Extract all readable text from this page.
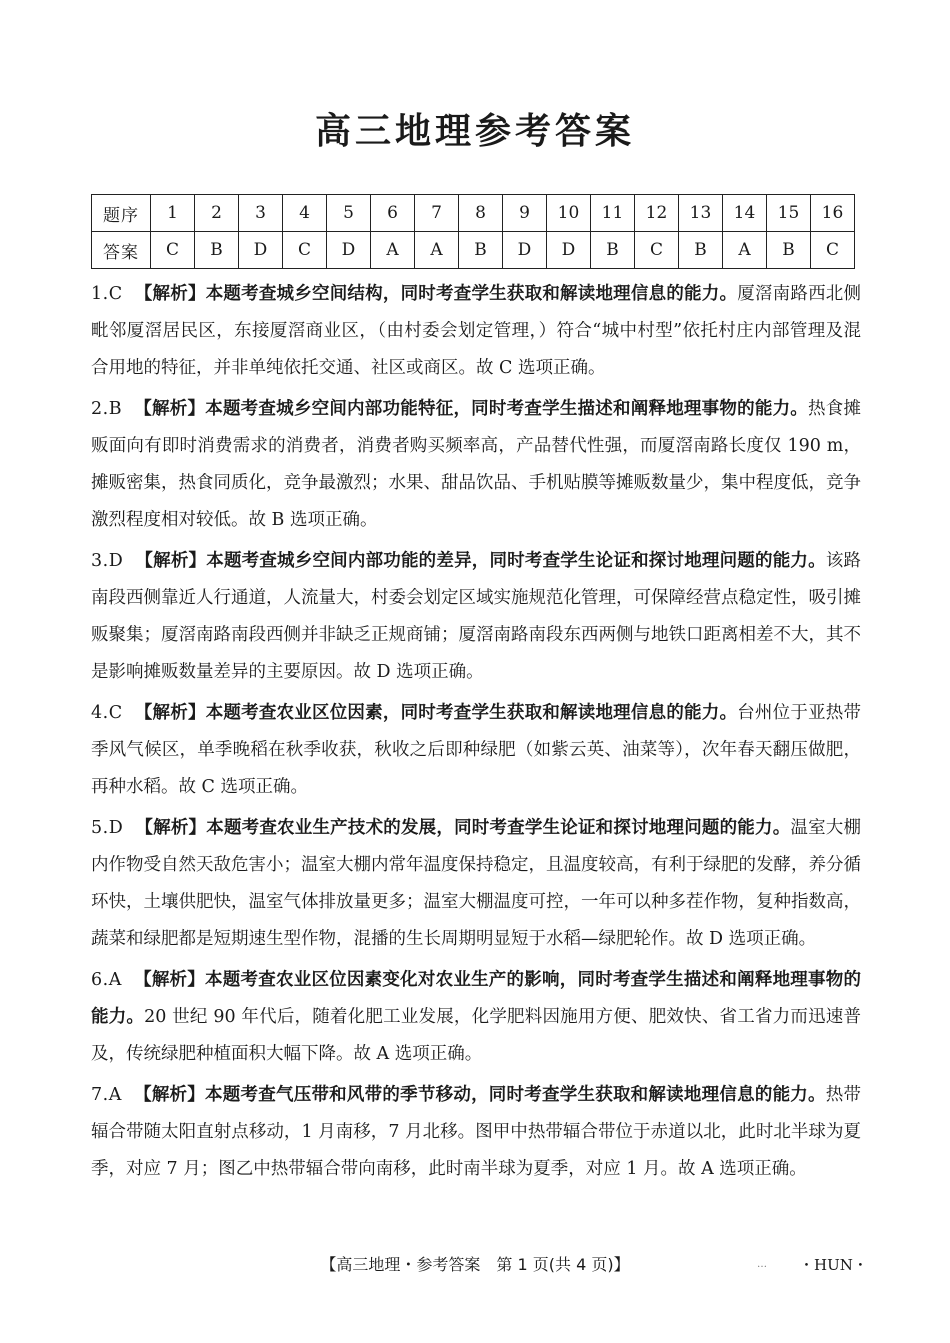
高三地理参考答案
题序	1	2	3	4	5	6	7	8	9	10	11	12	13	14	15	16
答案	C	B	D	C	D	A	A	B	D	D	B	C	B	A	B	C
1.C 【解析】本题考查城乡空间结构，同时考查学生获取和解读地理信息的能力。厦滘南路西北侧毗邻厦滘居民区，东接厦滘商业区，（由村委会划定管理，）符合“城中村型”依托村庄内部管理及混合用地的特征，并非单纯依托交通、社区或商区。故 C 选项正确。
2.B 【解析】本题考查城乡空间内部功能特征，同时考查学生描述和阐释地理事物的能力。热食摊贩面向有即时消费需求的消费者，消费者购买频率高，产品替代性强，而厦滘南路长度仅 190 m，摊贩密集，热食同质化，竞争最激烈；水果、甜品饮品、手机贴膜等摊贩数量少，集中程度低，竞争激烈程度相对较低。故 B 选项正确。
3.D 【解析】本题考查城乡空间内部功能的差异，同时考查学生论证和探讨地理问题的能力。该路南段西侧靠近人行通道，人流量大，村委会划定区域实施规范化管理，可保障经营点稳定性，吸引摊贩聚集；厦滘南路南段西侧并非缺乏正规商铺；厦滘南路南段东西两侧与地铁口距离相差不大，其不是影响摊贩数量差异的主要原因。故 D 选项正确。
4.C 【解析】本题考查农业区位因素，同时考查学生获取和解读地理信息的能力。台州位于亚热带季风气候区，单季晚稻在秋季收获，秋收之后即种绿肥（如紫云英、油菜等），次年春天翻压做肥，再种水稻。故 C 选项正确。
5.D 【解析】本题考查农业生产技术的发展，同时考查学生论证和探讨地理问题的能力。温室大棚内作物受自然天敌危害小；温室大棚内常年温度保持稳定，且温度较高，有利于绿肥的发酵，养分循环快，土壤供肥快，温室气体排放量更多；温室大棚温度可控，一年可以种多茬作物，复种指数高，蔬菜和绿肥都是短期速生型作物，混播的生长周期明显短于水稻—绿肥轮作。故 D 选项正确。
6.A 【解析】本题考查农业区位因素变化对农业生产的影响，同时考查学生描述和阐释地理事物的能力。20 世纪 90 年代后，随着化肥工业发展，化学肥料因施用方便、肥效快、省工省力而迅速普及，传统绿肥种植面积大幅下降。故 A 选项正确。
7.A 【解析】本题考查气压带和风带的季节移动，同时考查学生获取和解读地理信息的能力。热带辐合带随太阳直射点移动，1 月南移，7 月北移。图甲中热带辐合带位于赤道以北，此时北半球为夏季，对应 7 月；图乙中热带辐合带向南移，此时南半球为夏季，对应 1 月。故 A 选项正确。
【高三地理・参考答案　第 1 页(共 4 页)】	… ・HUN・
